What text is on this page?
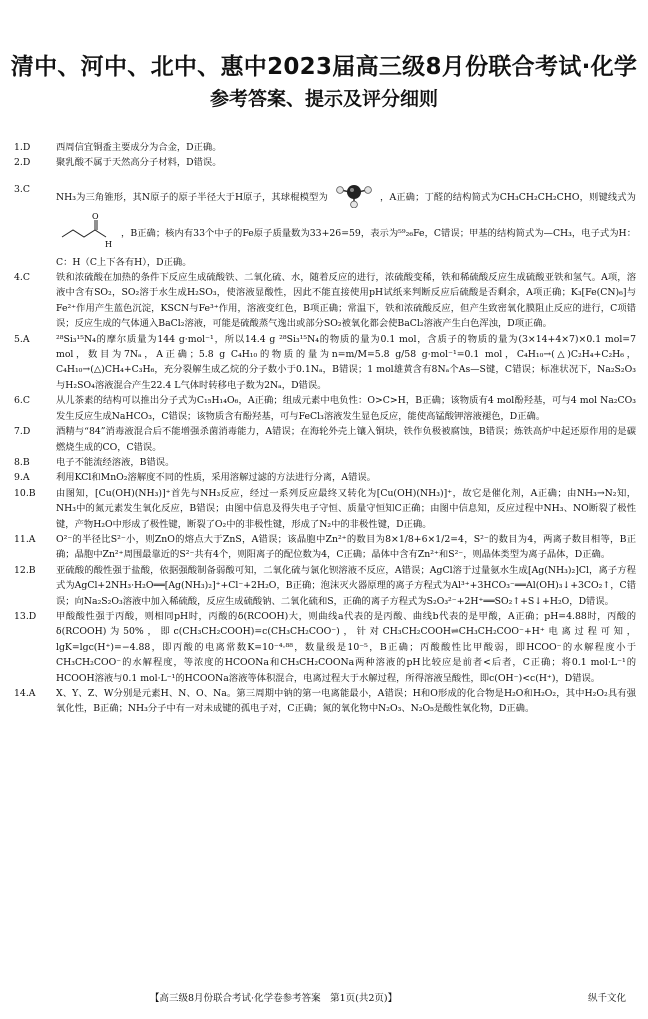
清中、河中、北中、惠中2023届高三级8月份联合考试·化学
参考答案、提示及评分细则
1.D	西周信宜铜盉主要成分为合金，D正确。
2.D	聚乳酸不属于天然高分子材料，D错误。
3.C
NH₃为三角锥形，其N原子的原子半径大于H原子，其球棍模型为	，A正确；丁醛的结构简式为CH₃CH₂CH₂CHO，则键线式为
O
H
，B正确；核内有33个中子的Fe原子质量数为33+26=59，表示为⁵⁹₂₆Fe，C错误；甲基的结构简式为—CH₃，电子式为H：C：H（C上下各有H），D正确。
4.C	铁和浓硫酸在加热的条件下反应生成硫酸铁、二氧化硫、水，随着反应的进行，浓硫酸变稀，铁和稀硫酸反应生成硫酸亚铁和氢气。A项，溶液中含有SO₂，SO₂溶于水生成H₂SO₃，使溶液显酸性，因此不能直接使用pH试纸来判断反应后硫酸是否剩余，A项正确；K₃[Fe(CN)₆]与Fe²⁺作用产生蓝色沉淀，KSCN与Fe³⁺作用，溶液变红色，B项正确；常温下，铁和浓硫酸反应，但产生致密氧化膜阻止反应的进行，C项错误；反应生成的气体通入BaCl₂溶液，可能是硫酸蒸气逸出或部分SO₂被氧化都会使BaCl₂溶液产生白色浑浊，D项正确。
5.A	²⁸Si₃¹⁵N₄的摩尔质量为144 g·mol⁻¹，所以14.4 g ²⁸Si₃¹⁵N₄的物质的量为0.1 mol，含质子的物质的量为(3×14+4×7)×0.1 mol=7 mol，数目为7Nₐ，A正确；5.8 g C₄H₁₀的物质的量为n=m/M=5.8 g/58 g·mol⁻¹=0.1 mol，C₄H₁₀→(△)C₂H₄+C₂H₆，C₄H₁₀→(△)CH₄+C₃H₆，充分裂解生成乙烷的分子数小于0.1Nₐ，B错误；1 mol雄黄含有8Nₐ个As—S键，C错误；标准状况下，Na₂S₂O₃与H₂SO₄溶液混合产生22.4 L气体时转移电子数为2Nₐ，D错误。
6.C	从儿茶素的结构可以推出分子式为C₁₅H₁₄O₆，A正确；组成元素中电负性：O>C>H，B正确；该物质有4 mol酚羟基，可与4 mol Na₂CO₃发生反应生成NaHCO₃，C错误；该物质含有酚羟基，可与FeCl₃溶液发生显色反应，能使高锰酸钾溶液褪色，D正确。
7.D	酒精与“84”消毒液混合后不能增强杀菌消毒能力，A错误；在海轮外壳上镶入铜块，铁作负极被腐蚀，B错误；炼铁高炉中起还原作用的是碳燃烧生成的CO，C错误。
8.B	电子不能流经溶液，B错误。
9.A	利用KCl和MnO₂溶解度不同的性质，采用溶解过滤的方法进行分离，A错误。
10.B	由图知，[Cu(OH)(NH₃)]⁺首先与NH₃反应，经过一系列反应最终又转化为[Cu(OH)(NH₃)]⁺，故它是催化剂，A正确；由NH₃→N₂知，NH₃中的氮元素发生氧化反应，B错误；由图中信息及得失电子守恒、质量守恒知C正确；由图中信息知，反应过程中NH₃、NO断裂了极性键，产物H₂O中形成了极性键，断裂了O₂中的非极性键，形成了N₂中的非极性键，D正确。
11.A	O²⁻的半径比S²⁻小，则ZnO的熔点大于ZnS，A错误；该晶胞中Zn²⁺的数目为8×1/8+6×1/2=4，S²⁻的数目为4，两离子数目相等，B正确；晶胞中Zn²⁺周围最靠近的S²⁻共有4个，则阳离子的配位数为4，C正确；晶体中含有Zn²⁺和S²⁻，则晶体类型为离子晶体，D正确。
12.B	亚硫酸的酸性强于盐酸，依据强酸制备弱酸可知，二氧化硫与氯化钡溶液不反应，A错误；AgCl溶于过量氨水生成[Ag(NH₃)₂]Cl，离子方程式为AgCl+2NH₃·H₂O══[Ag(NH₃)₂]⁺+Cl⁻+2H₂O，B正确；泡沫灭火器原理的离子方程式为Al³⁺+3HCO₃⁻══Al(OH)₃↓+3CO₂↑，C错误；向Na₂S₂O₃溶液中加入稀硫酸，反应生成硫酸钠、二氧化硫和S，正确的离子方程式为S₂O₃²⁻+2H⁺══SO₂↑+S↓+H₂O，D错误。
13.D	甲酸酸性强于丙酸，则相同pH时，丙酸的δ(RCOOH)大，则曲线a代表的是丙酸、曲线b代表的是甲酸，A正确；pH=4.88时，丙酸的δ(RCOOH)为50%，即c(CH₃CH₂COOH)=c(CH₃CH₂COO⁻)，针对CH₃CH₂COOH⇌CH₃CH₂COO⁻+H⁺电离过程可知，lgK=lgc(H⁺)=−4.88，即丙酸的电离常数K=10⁻⁴·⁸⁸，数量级是10⁻⁵，B正确；丙酸酸性比甲酸弱，即HCOO⁻的水解程度小于CH₃CH₂COO⁻的水解程度，等浓度的HCOONa和CH₃CH₂COONa两种溶液的pH比较应是前者<后者，C正确；将0.1 mol·L⁻¹的HCOOH溶液与0.1 mol·L⁻¹的HCOONa溶液等体积混合，电离过程大于水解过程，所得溶液呈酸性，即c(OH⁻)<c(H⁺)，D错误。
14.A	X、Y、Z、W分别是元素H、N、O、Na。第三周期中钠的第一电离能最小，A错误；H和O形成的化合物是H₂O和H₂O₂，其中H₂O₂具有强氧化性，B正确；NH₃分子中有一对未成键的孤电子对，C正确；氮的氧化物中N₂O₃、N₂O₅是酸性氧化物，D正确。
【高三级8月份联合考试·化学卷参考答案　第1页(共2页)】	纵千文化
